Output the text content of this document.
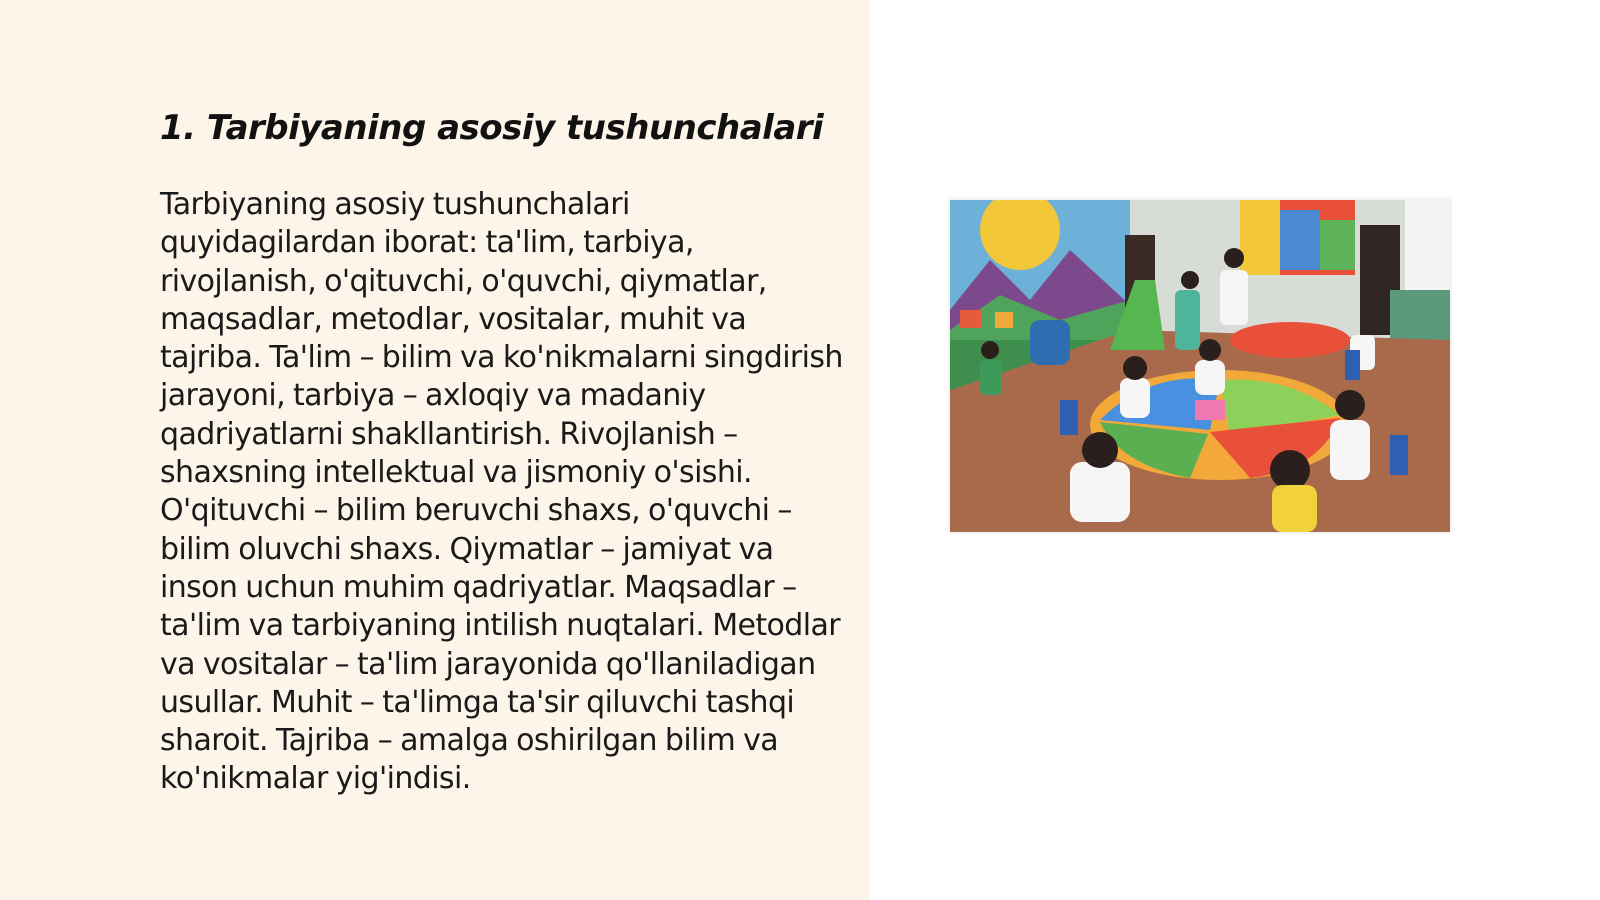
1. Tarbiyaning asosiy tushunchalari

Tarbiyaning asosiy tushunchalari quyidagilardan iborat: ta'lim, tarbiya, rivojlanish, o'qituvchi, o'quvchi, qiymatlar, maqsadlar, metodlar, vositalar, muhit va tajriba. Ta'lim – bilim va ko'nikmalarni singdirish jarayoni, tarbiya – axloqiy va madaniy qadriyatlarni shakllantirish. Rivojlanish – shaxsning intellektual va jismoniy o'sishi. O'qituvchi – bilim beruvchi shaxs, o'quvchi – bilim oluvchi shaxs. Qiymatlar – jamiyat va inson uchun muhim qadriyatlar. Maqsadlar – ta'lim va tarbiyaning intilish nuqtalari. Metodlar va vositalar – ta'lim jarayonida qo'llaniladigan usullar. Muhit – ta'limga ta'sir qiluvchi tashqi sharoit. Tajriba – amalga oshirilgan bilim va ko'nikmalar yig'indisi.
